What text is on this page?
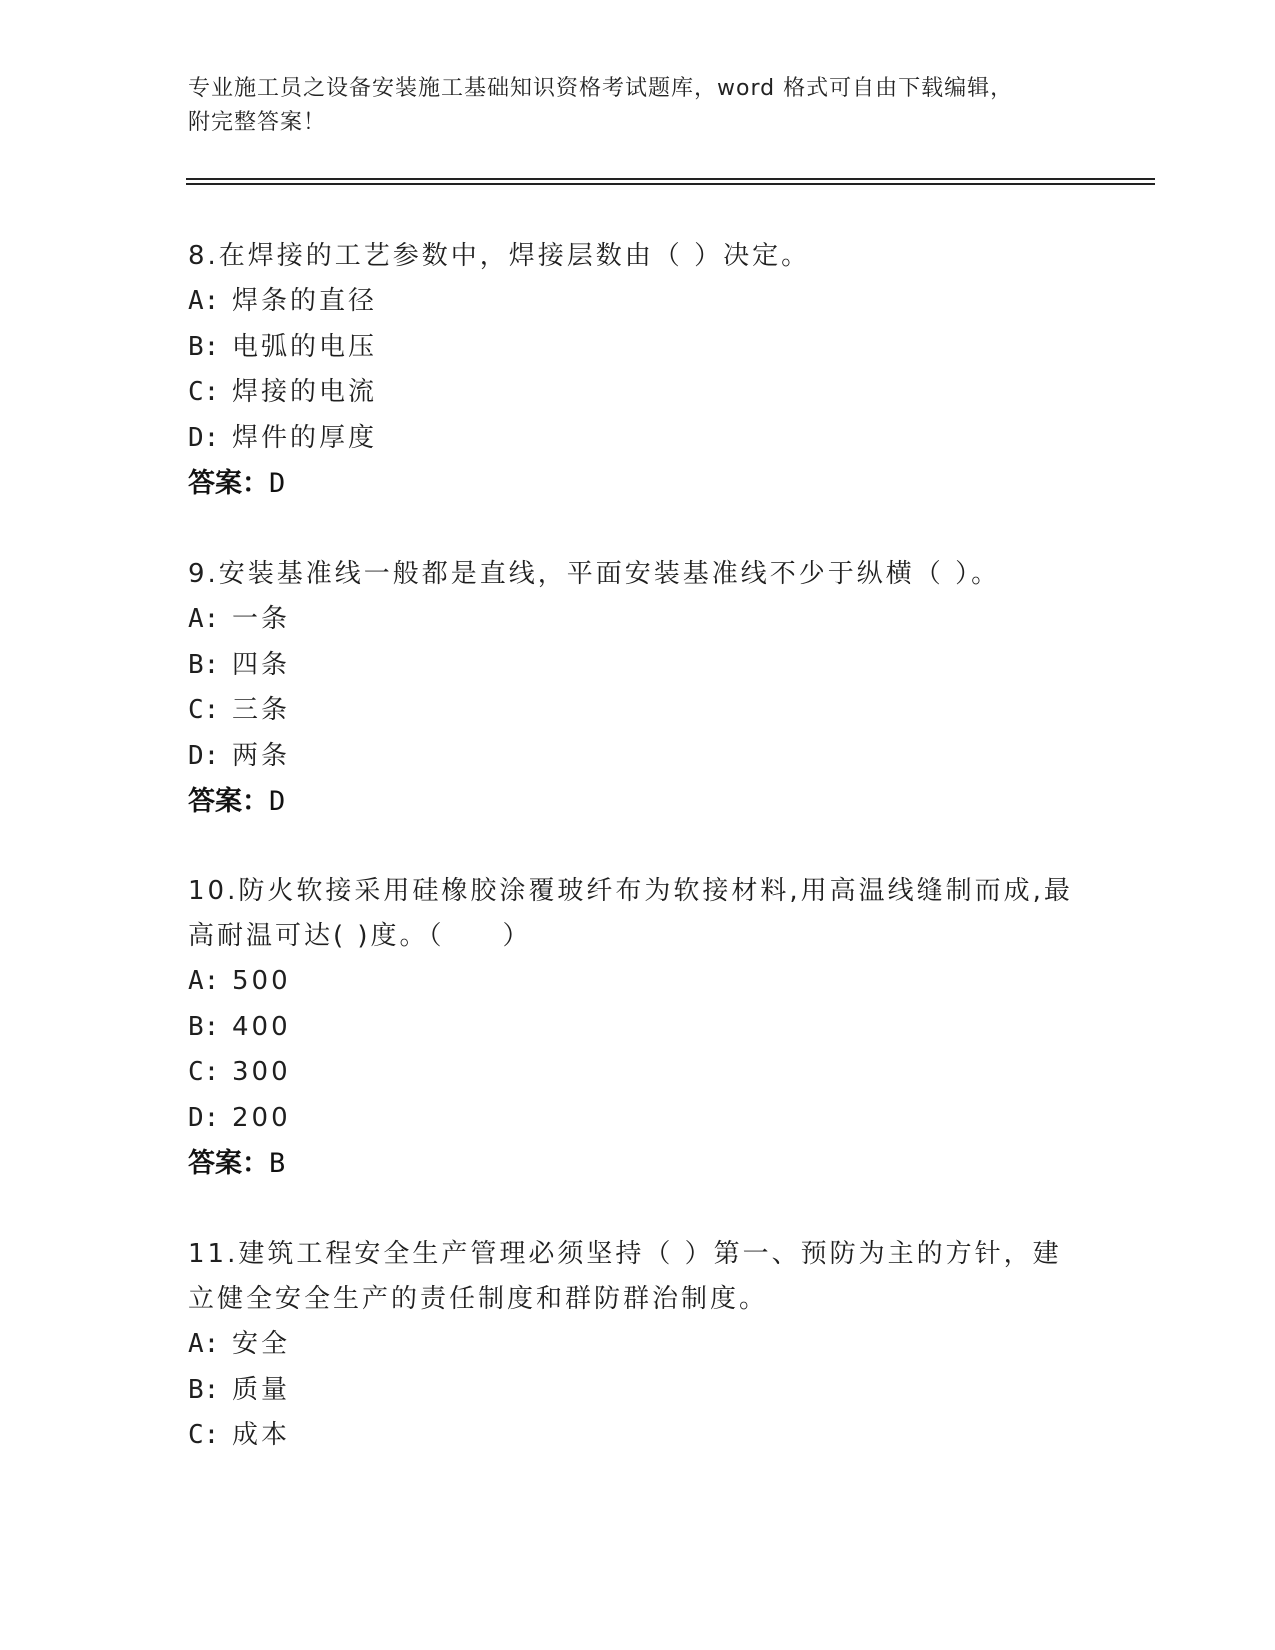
专业施工员之设备安装施工基础知识资格考试题库，word 格式可自由下载编辑，
附完整答案！
8.在焊接的工艺参数中，焊接层数由（ ）决定。
A: 焊条的直径
B: 电弧的电压
C: 焊接的电流
D: 焊件的厚度
答案：D
9.安装基准线一般都是直线，平面安装基准线不少于纵横（ ）。
A: 一条
B: 四条
C: 三条
D: 两条
答案：D
10.防火软接采用硅橡胶涂覆玻纤布为软接材料,用高温线缝制而成,最
高耐温可达( )度。（　　）
A: 500
B: 400
C: 300
D: 200
答案：B
11.建筑工程安全生产管理必须坚持（ ）第一、预防为主的方针，建
立健全安全生产的责任制度和群防群治制度。
A: 安全
B: 质量
C: 成本
